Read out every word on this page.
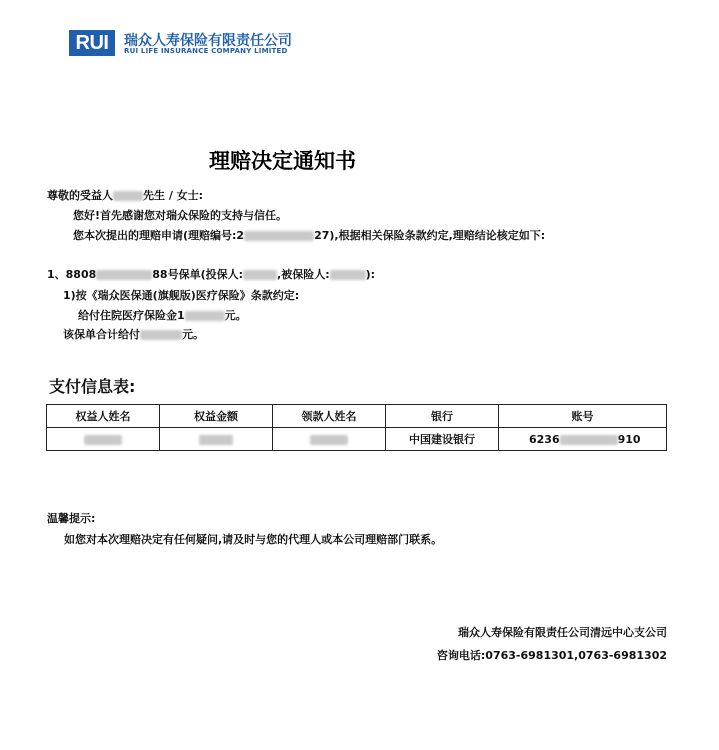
RUI	瑞众人寿保险有限责任公司
RUI LIFE INSURANCE COMPANY LIMITED
理赔决定通知书
尊敬的受益人	先生 / 女士:
您好!首先感谢您对瑞众保险的支持与信任。
您本次提出的理赔申请(理赔编号:2	27),根据相关保险条款约定,理赔结论核定如下:
1、8808	88号保单(投保人:	,被保险人:	):
1)按《瑞众医保通(旗舰版)医疗保险》条款约定:
给付住院医疗保险金1	元。
该保单合计给付	元。
支付信息表:
权益人姓名	权益金额	领款人姓名	银行	账号
			中国建设银行	6236 910
温馨提示:
如您对本次理赔决定有任何疑问,请及时与您的代理人或本公司理赔部门联系。
瑞众人寿保险有限责任公司清远中心支公司
咨询电话:0763-6981301,0763-6981302
